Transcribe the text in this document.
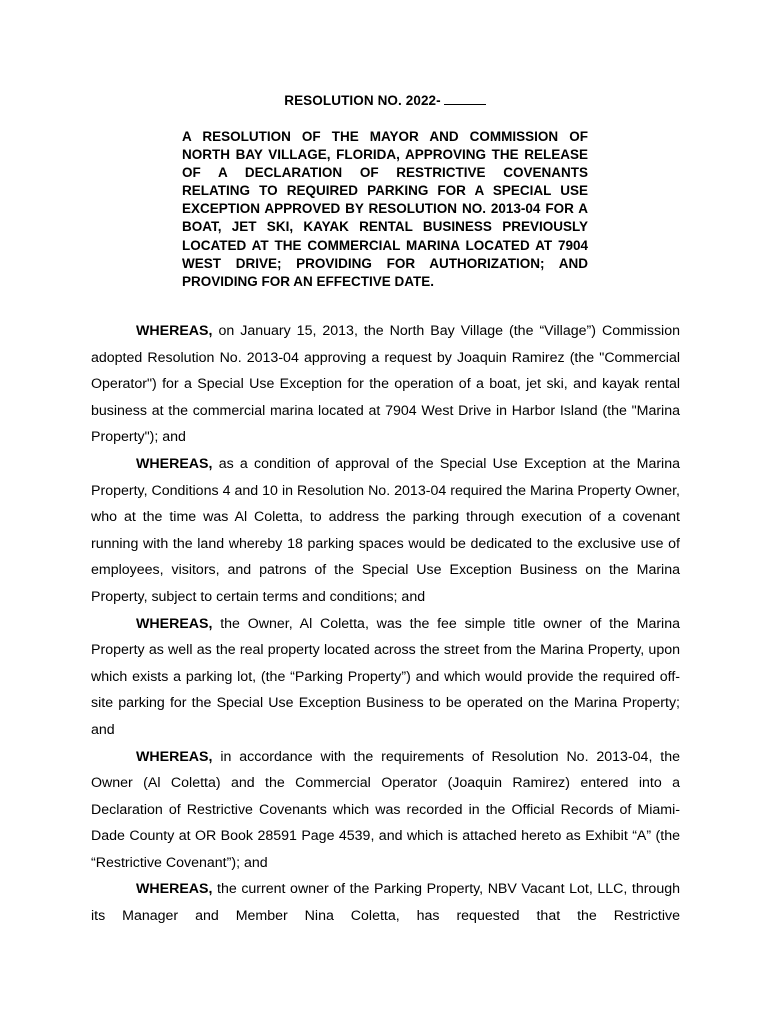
RESOLUTION NO. 2022-
A RESOLUTION OF THE MAYOR AND COMMISSION OF NORTH BAY VILLAGE, FLORIDA, APPROVING THE RELEASE OF A DECLARATION OF RESTRICTIVE COVENANTS RELATING TO REQUIRED PARKING FOR A SPECIAL USE EXCEPTION APPROVED BY RESOLUTION NO. 2013-04 FOR A BOAT, JET SKI, KAYAK RENTAL BUSINESS PREVIOUSLY LOCATED AT THE COMMERCIAL MARINA LOCATED AT 7904 WEST DRIVE; PROVIDING FOR AUTHORIZATION; AND PROVIDING FOR AN EFFECTIVE DATE.

WHEREAS, on January 15, 2013, the North Bay Village (the “Village”) Commission adopted Resolution No. 2013-04 approving a request by Joaquin Ramirez (the "Commercial Operator") for a Special Use Exception for the operation of a boat, jet ski, and kayak rental business at the commercial marina located at 7904 West Drive in Harbor Island (the "Marina Property"); and

WHEREAS, as a condition of approval of the Special Use Exception at the Marina Property, Conditions 4 and 10 in Resolution No. 2013-04 required the Marina Property Owner, who at the time was Al Coletta, to address the parking through execution of a covenant running with the land whereby 18 parking spaces would be dedicated to the exclusive use of employees, visitors, and patrons of the Special Use Exception Business on the Marina Property, subject to certain terms and conditions; and

WHEREAS, the Owner, Al Coletta, was the fee simple title owner of the Marina Property as well as the real property located across the street from the Marina Property, upon which exists a parking lot, (the “Parking Property”) and which would provide the required off-site parking for the Special Use Exception Business to be operated on the Marina Property; and

WHEREAS, in accordance with the requirements of Resolution No. 2013-04, the Owner (Al Coletta) and the Commercial Operator (Joaquin Ramirez) entered into a Declaration of Restrictive Covenants which was recorded in the Official Records of Miami-Dade County at OR Book 28591 Page 4539, and which is attached hereto as Exhibit “A” (the “Restrictive Covenant”); and

WHEREAS, the current owner of the Parking Property, NBV Vacant Lot, LLC, through its Manager and Member Nina Coletta, has requested that the Restrictive
